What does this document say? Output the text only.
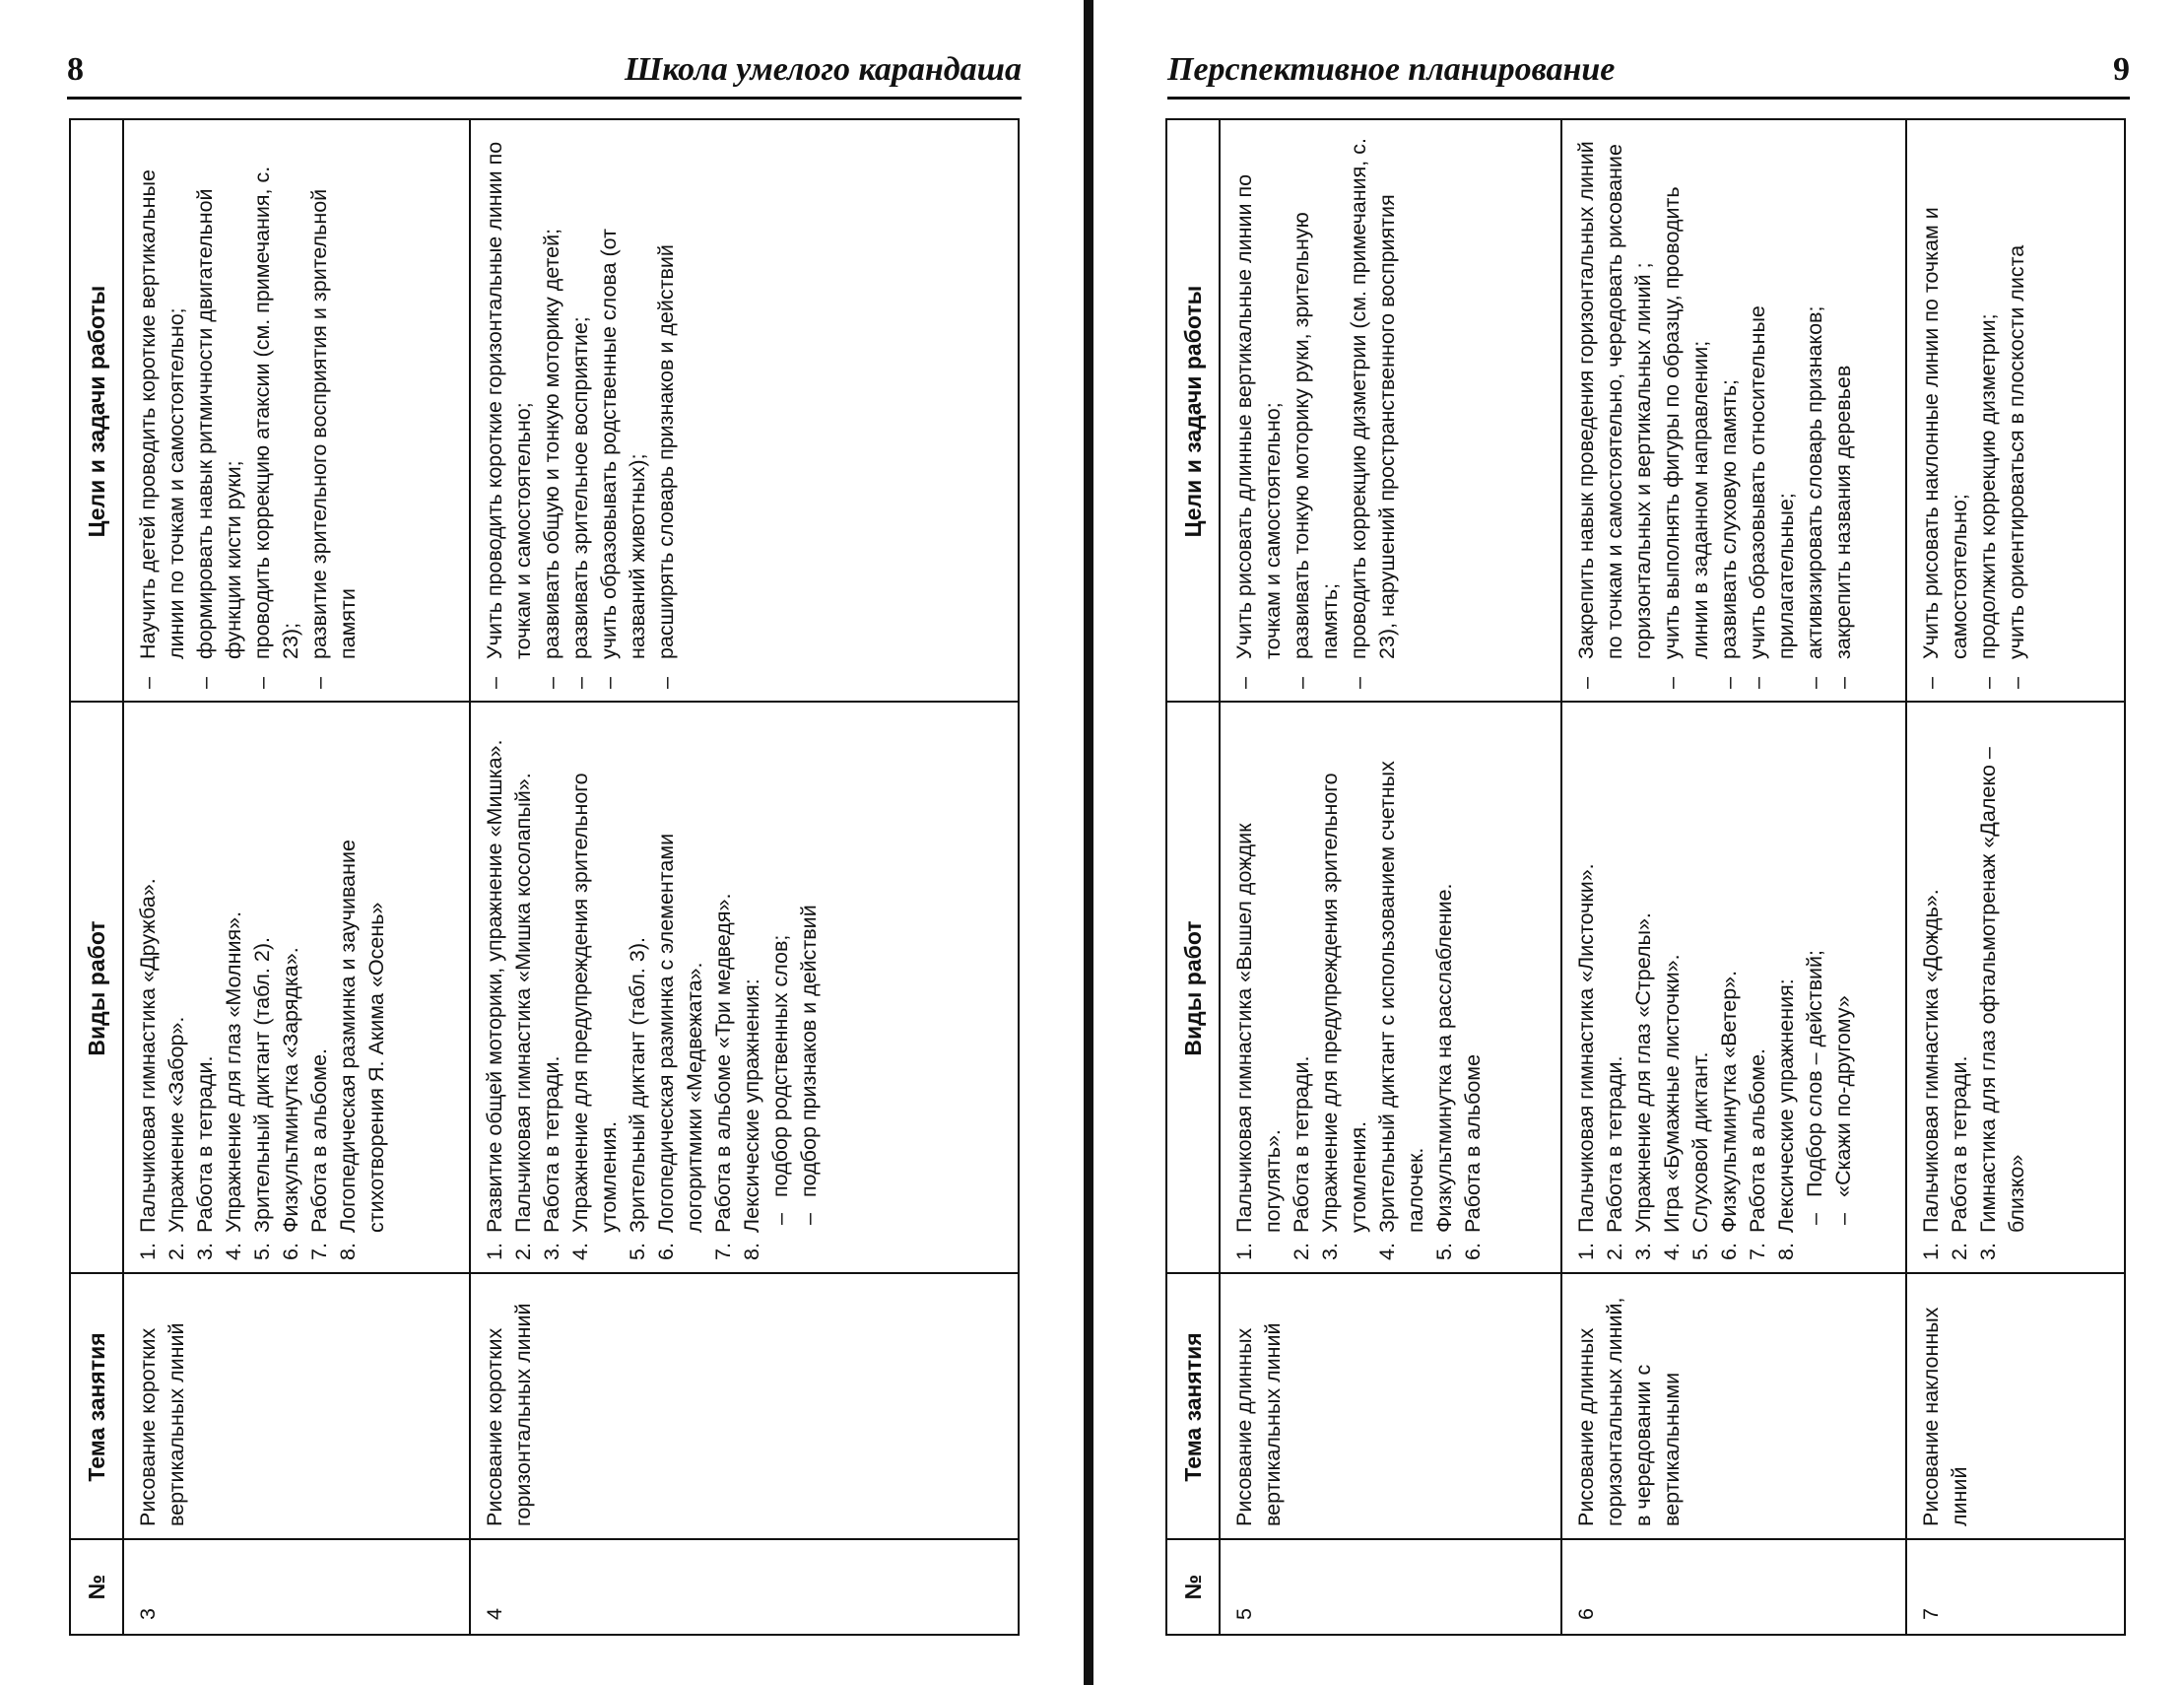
8	Школа умелого карандаша
№
Тема занятия
Виды работ
Цели и задачи работы
3
Рисование коротких вертикальных линий
1.
Пальчиковая гимнастика «Дружба».
2.
Упражнение «Забор».
3.
Работа в тетради.
4.
Упражнение для глаз «Молния».
5.
Зрительный диктант (табл. 2).
6.
Физкультминутка «Зарядка».
7.
Работа в альбоме.
8.
Логопедическая разминка и заучивание стихотворения Я. Акима «Осень»
–
Научить детей проводить короткие вертикальные линии по точкам и самостоятельно;
–
формировать навык ритмичности двигательной функции кисти руки;
–
проводить коррекцию атаксии (см. примечания, с. 23);
–
развитие зрительного восприятия и зрительной памяти
4
Рисование коротких горизонтальных линий
1.
Развитие общей моторики, упражнение «Мишка».
2.
Пальчиковая гимнастика «Мишка косолапый».
3.
Работа в тетради.
4.
Упражнение для предупреждения зрительного утомления.
5.
Зрительный диктант (табл. 3).
6.
Логопедическая разминка с элементами логоритмики «Медвежата».
7.
Работа в альбоме «Три медведя».
8.
Лексические упражнения: –
подбор родственных слов;
–
подбор признаков и действий
–
Учить проводить короткие горизонтальные линии по точкам и самостоятельно;
–
развивать общую и тонкую моторику детей;
–
развивать зрительное восприятие;
–
учить образовывать родственные слова (от названий животных);
–
расширять словарь признаков и действий
Перспективное планирование	9
№
Тема занятия
Виды работ
Цели и задачи работы
5
Рисование длинных вертикальных линий
1.
Пальчиковая гимнастика «Вышел дождик погулять».
2.
Работа в тетради.
3.
Упражнение для предупреждения зрительного утомления.
4.
Зрительный диктант с использованием счетных палочек.
5.
Физкультминутка на расслабление.
6.
Работа в альбоме
–
Учить рисовать длинные вертикальные линии по точкам и самостоятельно;
–
развивать тонкую моторику руки, зрительную память;
–
проводить коррекцию дизметрии (см. примечания, с. 23), нарушений пространственного восприятия
6
Рисование длинных горизонтальных линий, в чередовании с вертикальными
1.
Пальчиковая гимнастика «Листочки».
2.
Работа в тетради.
3.
Упражнение для глаз «Стрелы».
4.
Игра «Бумажные листочки».
5.
Слуховой диктант.
6.
Физкультминутка «Ветер».
7.
Работа в альбоме.
8.
Лексические упражнения: –
Подбор слов – действий;
–
«Скажи по-другому»
–
Закрепить навык проведения горизонтальных линий по точкам и самостоятельно, чередовать рисование горизонтальных и вертикальных линий ;
–
учить выполнять фигуры по образцу, проводить линии в заданном направлении;
–
развивать слуховую память;
–
учить образовывать относительные прилагательные;
–
активизировать словарь признаков;
–
закрепить названия деревьев
7
Рисование наклонных линий
1.
Пальчиковая гимнастика «Дождь».
2.
Работа в тетради.
3.
Гимнастика для глаз офтальмотренаж «Далеко – близко»
–
Учить рисовать наклонные линии по точкам и самостоятельно;
–
продолжить коррекцию дизметрии;
–
учить ориентироваться в плоскости листа
